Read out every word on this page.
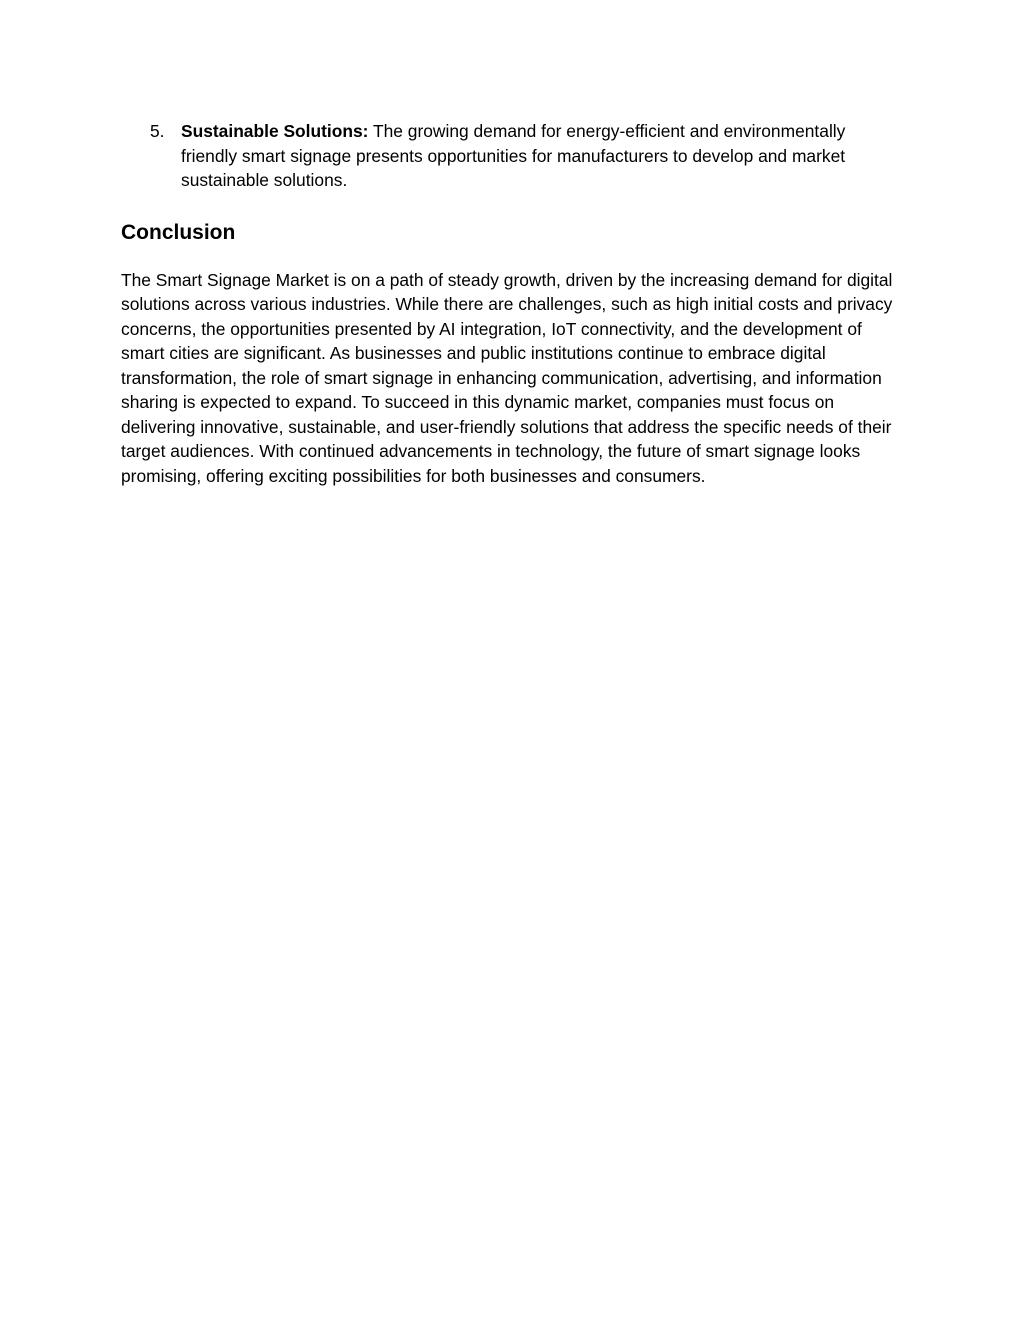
5. Sustainable Solutions: The growing demand for energy-efficient and environmentally friendly smart signage presents opportunities for manufacturers to develop and market sustainable solutions.
Conclusion

The Smart Signage Market is on a path of steady growth, driven by the increasing demand for digital solutions across various industries. While there are challenges, such as high initial costs and privacy concerns, the opportunities presented by AI integration, IoT connectivity, and the development of smart cities are significant. As businesses and public institutions continue to embrace digital transformation, the role of smart signage in enhancing communication, advertising, and information sharing is expected to expand. To succeed in this dynamic market, companies must focus on delivering innovative, sustainable, and user-friendly solutions that address the specific needs of their target audiences. With continued advancements in technology, the future of smart signage looks promising, offering exciting possibilities for both businesses and consumers.
